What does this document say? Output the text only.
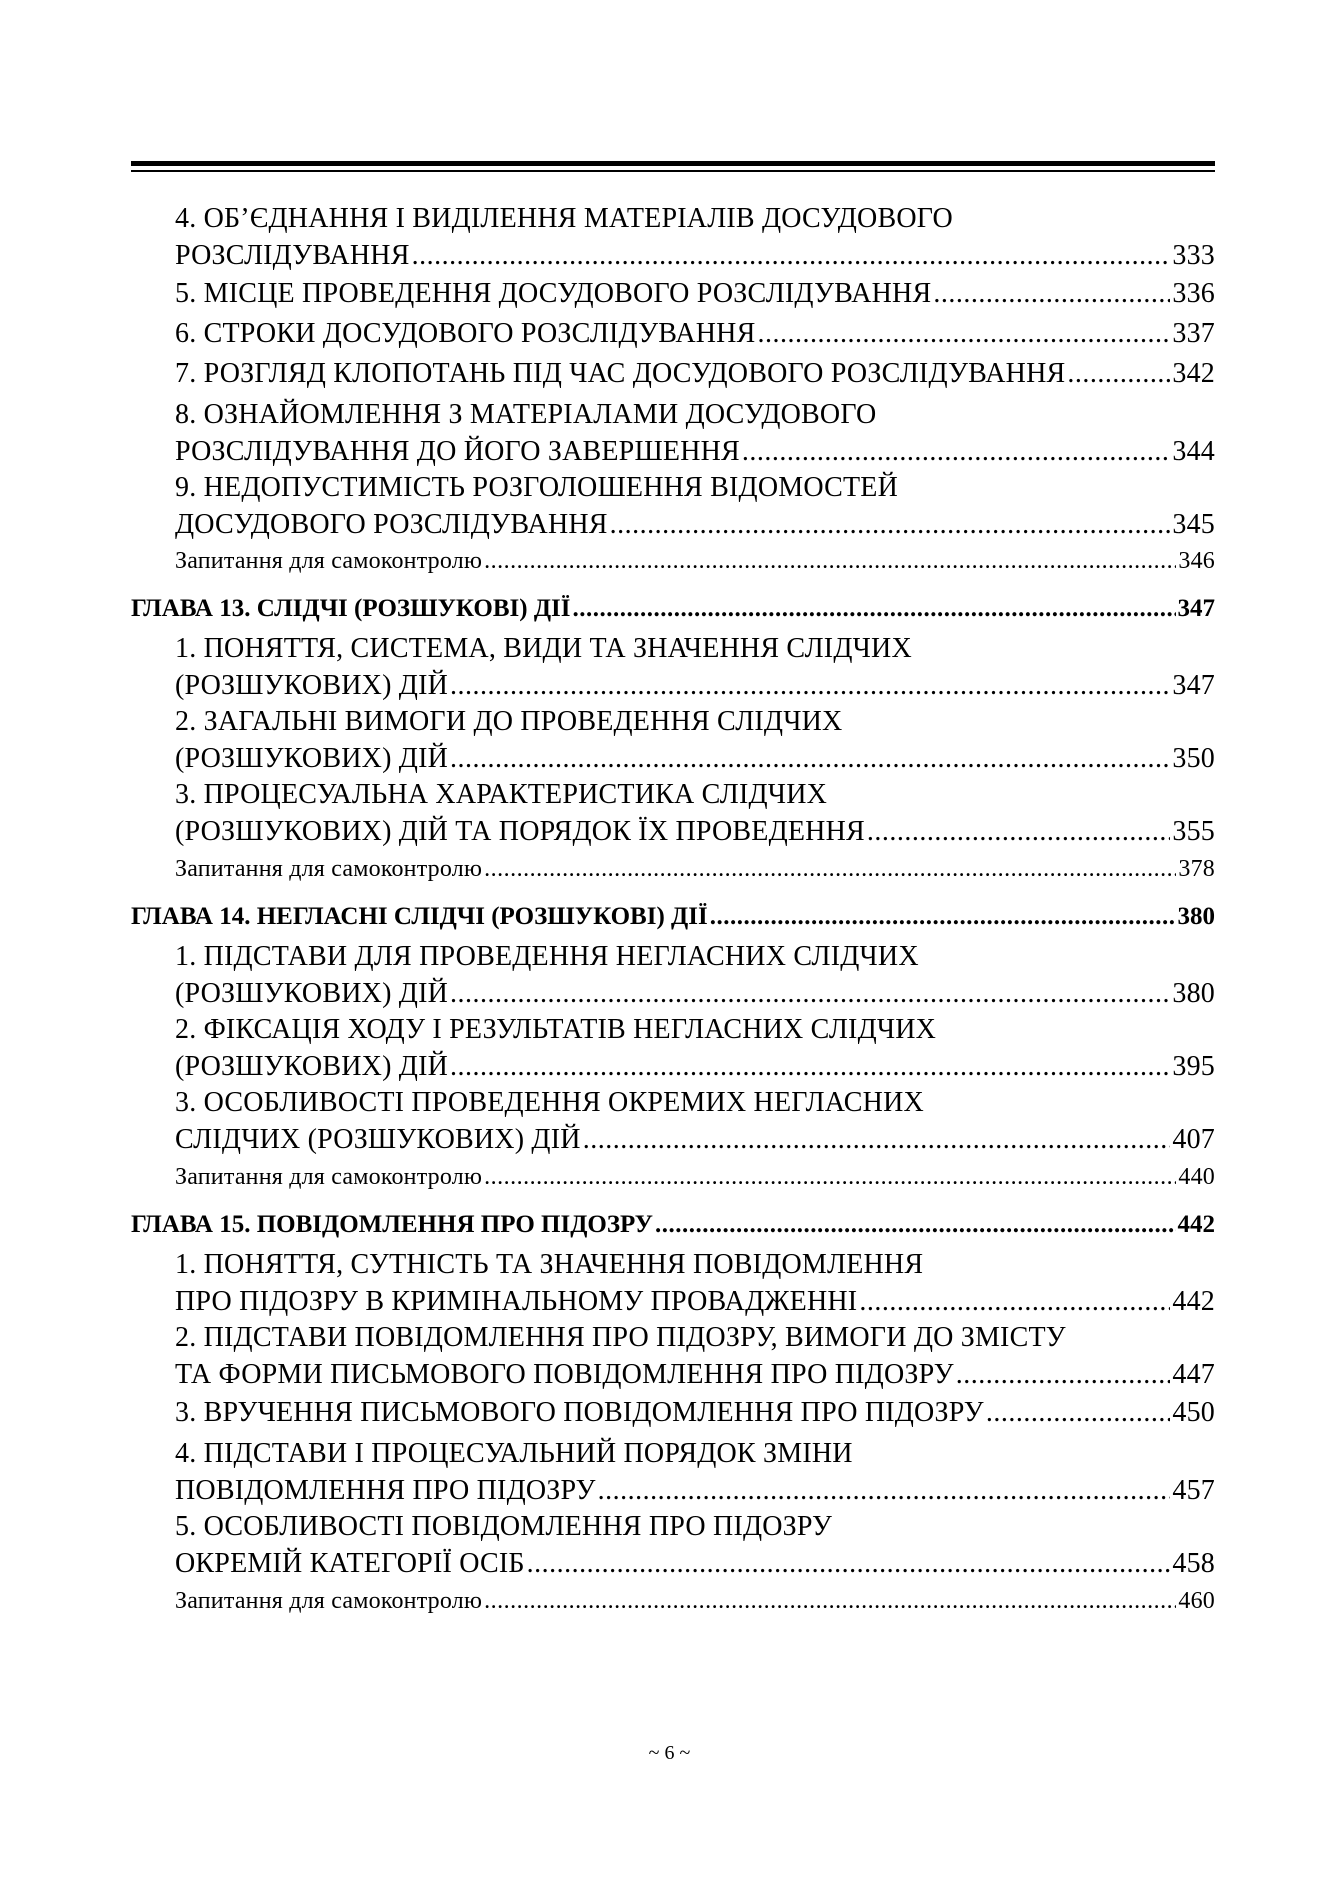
4. ОБ’ЄДНАННЯ І ВИДІЛЕННЯ МАТЕРІАЛІВ ДОСУДОВОГО
РОЗСЛІДУВАННЯ .....	333
5. МІСЦЕ ПРОВЕДЕННЯ ДОСУДОВОГО РОЗСЛІДУВАННЯ .....	336
6. СТРОКИ ДОСУДОВОГО РОЗСЛІДУВАННЯ .....	337
7. РОЗГЛЯД КЛОПОТАНЬ ПІД ЧАС ДОСУДОВОГО РОЗСЛІДУВАННЯ .....	342
8. ОЗНАЙОМЛЕННЯ З МАТЕРІАЛАМИ ДОСУДОВОГО
РОЗСЛІДУВАННЯ ДО ЙОГО ЗАВЕРШЕННЯ .....	344
9. НЕДОПУСТИМІСТЬ РОЗГОЛОШЕННЯ ВІДОМОСТЕЙ
ДОСУДОВОГО РОЗСЛІДУВАННЯ .....	345
Запитання для самоконтролю .....	346
ГЛАВА 13. СЛІДЧІ (РОЗШУКОВІ) ДІЇ .....	347
1. ПОНЯТТЯ, СИСТЕМА, ВИДИ ТА ЗНАЧЕННЯ СЛІДЧИХ
(РОЗШУКОВИХ) ДІЙ .....	347
2. ЗАГАЛЬНІ ВИМОГИ ДО ПРОВЕДЕННЯ СЛІДЧИХ
(РОЗШУКОВИХ) ДІЙ .....	350
3. ПРОЦЕСУАЛЬНА ХАРАКТЕРИСТИКА СЛІДЧИХ
(РОЗШУКОВИХ) ДІЙ ТА ПОРЯДОК ЇХ ПРОВЕДЕННЯ .....	355
Запитання для самоконтролю .....	378
ГЛАВА 14. НЕГЛАСНІ СЛІДЧІ (РОЗШУКОВІ) ДІЇ .....	380
1. ПІДСТАВИ ДЛЯ ПРОВЕДЕННЯ НЕГЛАСНИХ СЛІДЧИХ
(РОЗШУКОВИХ) ДІЙ .....	380
2. ФІКСАЦІЯ ХОДУ І РЕЗУЛЬТАТІВ НЕГЛАСНИХ СЛІДЧИХ
(РОЗШУКОВИХ) ДІЙ .....	395
3. ОСОБЛИВОСТІ ПРОВЕДЕННЯ ОКРЕМИХ НЕГЛАСНИХ
СЛІДЧИХ (РОЗШУКОВИХ) ДІЙ .....	407
Запитання для самоконтролю .....	440
ГЛАВА 15. ПОВІДОМЛЕННЯ ПРО ПІДОЗРУ .....	442
1. ПОНЯТТЯ, СУТНІСТЬ ТА ЗНАЧЕННЯ ПОВІДОМЛЕННЯ
ПРО ПІДОЗРУ В КРИМІНАЛЬНОМУ ПРОВАДЖЕННІ .....	442
2. ПІДСТАВИ ПОВІДОМЛЕННЯ ПРО ПІДОЗРУ, ВИМОГИ ДО ЗМІСТУ
ТА ФОРМИ ПИСЬМОВОГО ПОВІДОМЛЕННЯ ПРО ПІДОЗРУ .....	447
3. ВРУЧЕННЯ ПИСЬМОВОГО ПОВІДОМЛЕННЯ ПРО ПІДОЗРУ .....	450
4. ПІДСТАВИ І ПРОЦЕСУАЛЬНИЙ ПОРЯДОК ЗМІНИ
ПОВІДОМЛЕННЯ ПРО ПІДОЗРУ .....	457
5. ОСОБЛИВОСТІ ПОВІДОМЛЕННЯ ПРО ПІДОЗРУ
ОКРЕМІЙ КАТЕГОРІЇ ОСІБ .....	458
Запитання для самоконтролю .....	460
~ 6 ~
